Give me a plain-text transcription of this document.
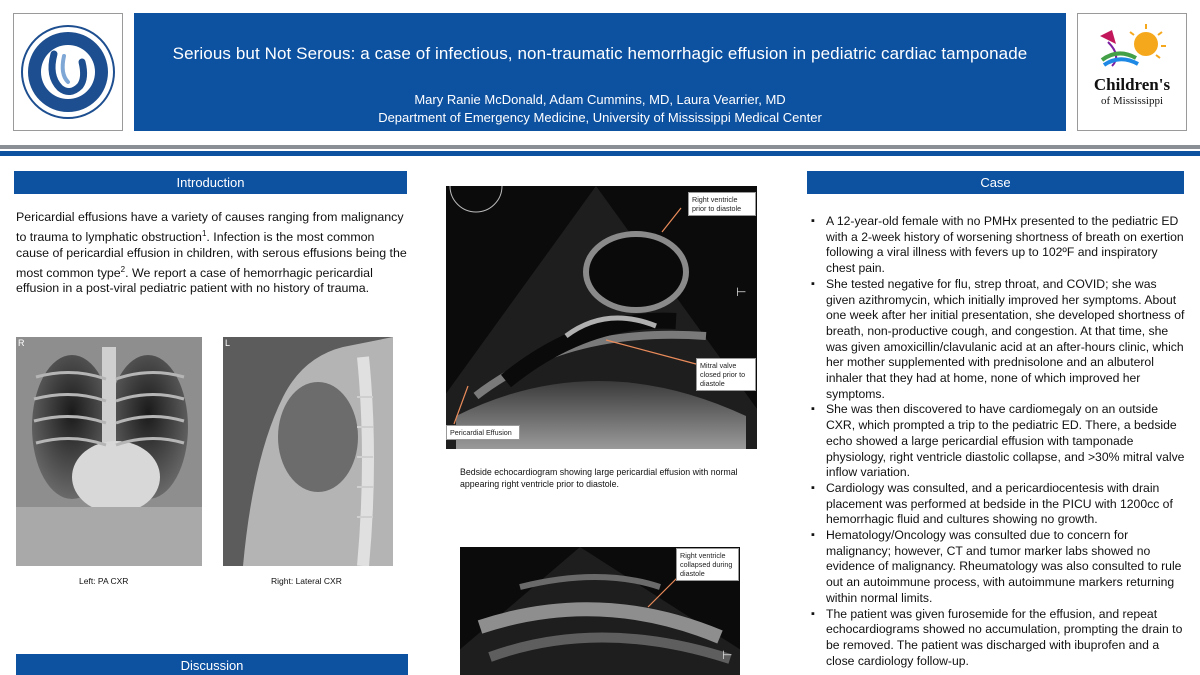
Serious but Not Serous: a case of infectious, non-traumatic hemorrhagic effusion in pediatric cardiac tamponade
Mary Ranie McDonald, Adam Cummins, MD, Laura Vearrier, MD
Department of Emergency Medicine, University of Mississippi Medical Center
Children's
of Mississippi
Introduction
Pericardial effusions have a variety of causes ranging from malignancy to trauma to lymphatic obstruction$^1$. Infection is the most common cause of pericardial effusion in children, with serous effusions being the most common type$^2$. We report a case of hemorrhagic pericardial effusion in a post-viral pediatric patient with no history of trauma.
R	L
Left: PA CXR	Right: Lateral CXR
Discussion
⊢
Right ventricle prior to diastole
Mitral valve closed prior to diastole
Pericardial Effusion
Bedside echocardiogram showing large pericardial effusion with normal appearing right ventricle prior to diastole.
⊢
Right ventricle collapsed during diastole
Case
▪ A 12-year-old female with no PMHx presented to the pediatric ED with a 2-week history of worsening shortness of breath on exertion following a viral illness with fevers up to 102ºF and inspiratory chest pain.
▪ She tested negative for flu, strep throat, and COVID; she was given azithromycin, which initially improved her symptoms. About one week after her initial presentation, she developed shortness of breath, non-productive cough, and congestion. At that time, she was given amoxicillin/clavulanic acid at an after-hours clinic, which her mother supplemented with prednisolone and an albuterol inhaler that they had at home, none of which improved her symptoms.
▪ She was then discovered to have cardiomegaly on an outside CXR, which prompted a trip to the pediatric ED. There, a bedside echo showed a large pericardial effusion with tamponade physiology, right ventricle diastolic collapse, and >30% mitral valve inflow variation.
▪ Cardiology was consulted, and a pericardiocentesis with drain placement was performed at bedside in the PICU with 1200cc of hemorrhagic fluid and cultures showing no growth.
▪ Hematology/Oncology was consulted due to concern for malignancy; however, CT and tumor marker labs showed no evidence of malignancy. Rheumatology was also consulted to rule out an autoimmune process, with autoimmune markers returning within normal limits.
▪ The patient was given furosemide for the effusion, and repeat echocardiograms showed no accumulation, prompting the drain to be removed. The patient was discharged with ibuprofen and a close cardiology follow-up.
